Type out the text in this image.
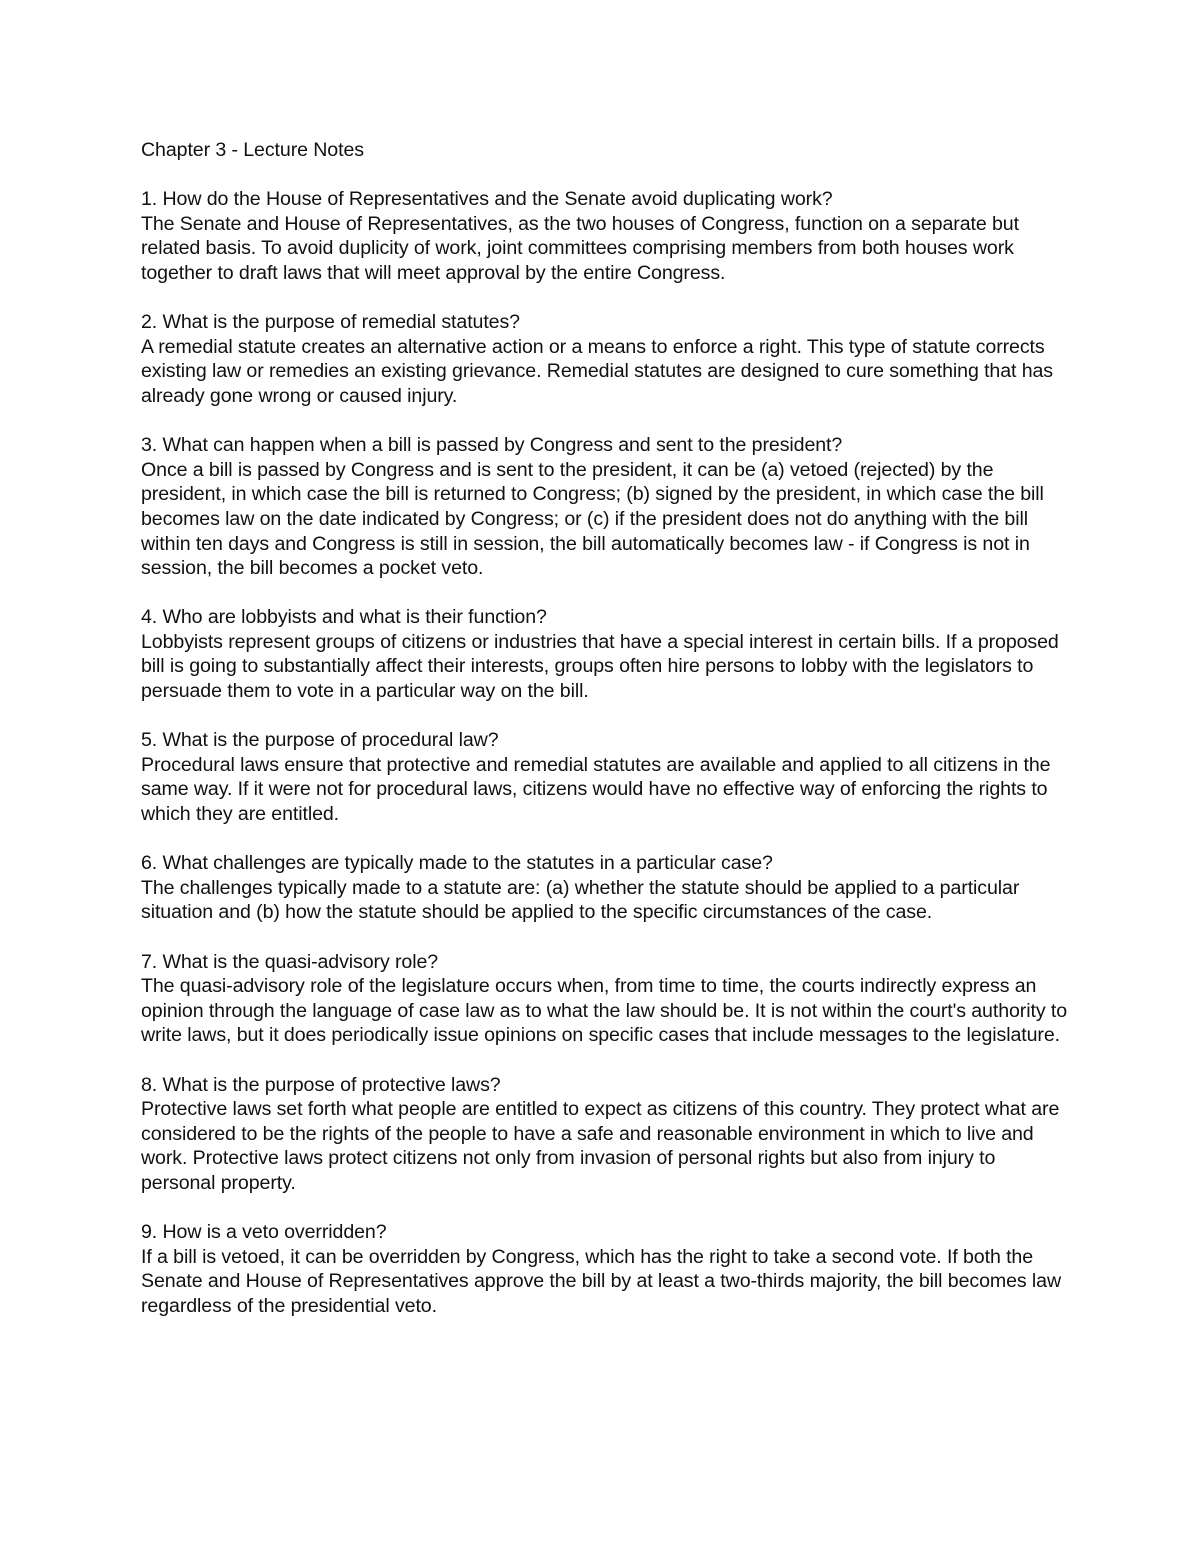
Chapter 3 - Lecture Notes

1. How do the House of Representatives and the Senate avoid duplicating work?

The Senate and House of Representatives, as the two houses of Congress, function on a separate but related basis. To avoid duplicity of work, joint committees comprising members from both houses work together to draft laws that will meet approval by the entire Congress.

2. What is the purpose of remedial statutes?

A remedial statute creates an alternative action or a means to enforce a right. This type of statute corrects existing law or remedies an existing grievance. Remedial statutes are designed to cure something that has already gone wrong or caused injury.

3. What can happen when a bill is passed by Congress and sent to the president?

Once a bill is passed by Congress and is sent to the president, it can be (a) vetoed (rejected) by the president, in which case the bill is returned to Congress; (b) signed by the president, in which case the bill becomes law on the date indicated by Congress; or (c) if the president does not do anything with the bill within ten days and Congress is still in session, the bill automatically becomes law - if Congress is not in session, the bill becomes a pocket veto.

4. Who are lobbyists and what is their function?

Lobbyists represent groups of citizens or industries that have a special interest in certain bills. If a proposed bill is going to substantially affect their interests, groups often hire persons to lobby with the legislators to persuade them to vote in a particular way on the bill.

5. What is the purpose of procedural law?

Procedural laws ensure that protective and remedial statutes are available and applied to all citizens in the same way. If it were not for procedural laws, citizens would have no effective way of enforcing the rights to which they are entitled.

6. What challenges are typically made to the statutes in a particular case?

The challenges typically made to a statute are: (a) whether the statute should be applied to a particular situation and (b) how the statute should be applied to the specific circumstances of the case.

7. What is the quasi-advisory role?

The quasi-advisory role of the legislature occurs when, from time to time, the courts indirectly express an opinion through the language of case law as to what the law should be. It is not within the court's authority to write laws, but it does periodically issue opinions on specific cases that include messages to the legislature.

8. What is the purpose of protective laws?

Protective laws set forth what people are entitled to expect as citizens of this country. They protect what are considered to be the rights of the people to have a safe and reasonable environment in which to live and work. Protective laws protect citizens not only from invasion of personal rights but also from injury to personal property.

9. How is a veto overridden?

If a bill is vetoed, it can be overridden by Congress, which has the right to take a second vote. If both the Senate and House of Representatives approve the bill by at least a two-thirds majority, the bill becomes law regardless of the presidential veto.
